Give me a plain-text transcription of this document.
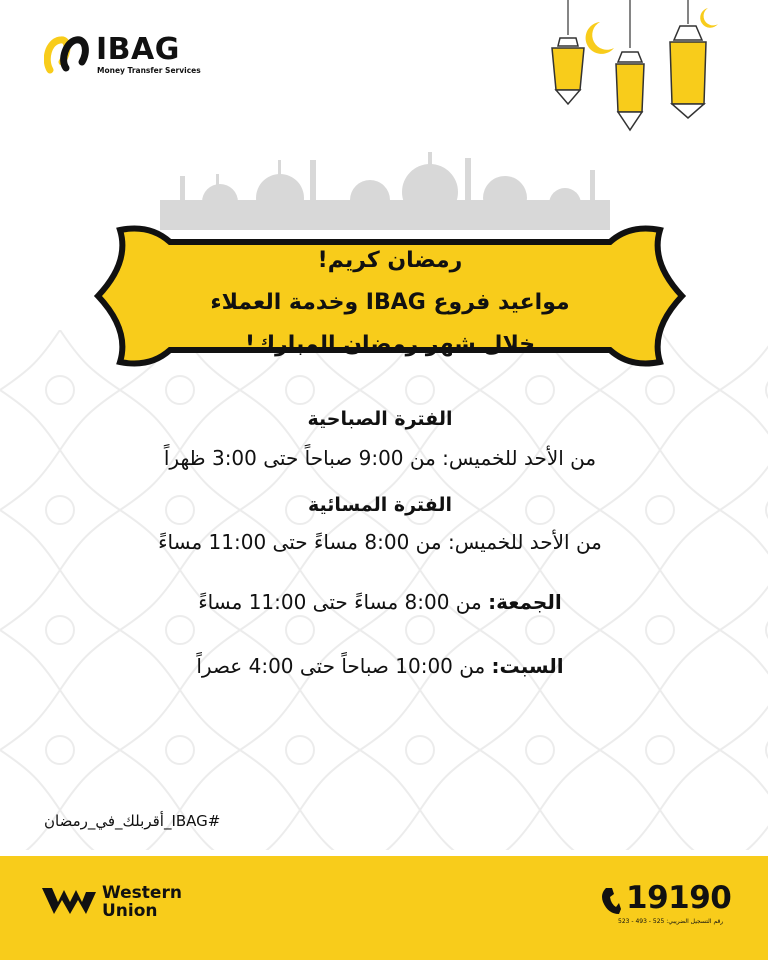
IBAG
Money Transfer Services
رمضان كريم!
مواعيد فروع IBAG وخدمة العملاء
خلال شهر رمضان المبارك!
الفترة الصباحية
من الأحد للخميس: من 9:00 صباحاً حتى 3:00 ظهراً
الفترة المسائية
من الأحد للخميس: من 8:00 مساءً حتى 11:00 مساءً
الجمعة: من 8:00 مساءً حتى 11:00 مساءً
السبت: من 10:00 صباحاً حتى 4:00 عصراً
#IBAG_أقربلك_في_رمضان
Western
Union	19190
رقم التسجيل الضريبي: 525 - 493 - 523
